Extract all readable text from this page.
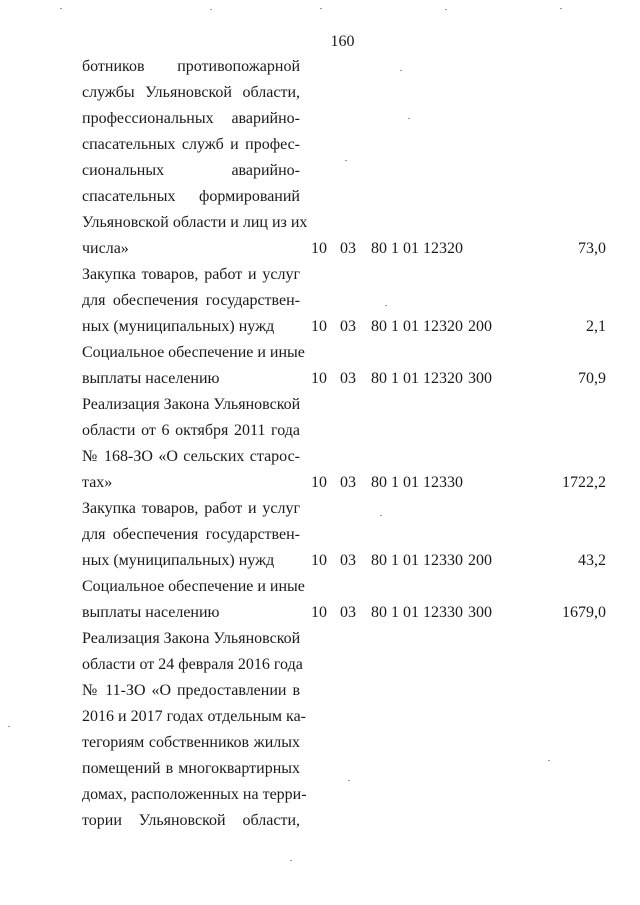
160
ботников противопожарной
службы Ульяновской области,
профессиональных аварийно-
спасательных служб и профес-
сиональных аварийно-
спасательных формирований
Ульяновской области и лиц из их
числа»	10 03 80 1 01 12320	73,0
Закупка товаров, работ и услуг
для обеспечения государствен-
ных (муниципальных) нужд	10 03 80 1 01 12320 200	2,1
Социальное обеспечение и иные
выплаты населению	10 03 80 1 01 12320 300	70,9
Реализация Закона Ульяновской
области от 6 октября 2011 года
№ 168-ЗО «О сельских старос-
тах»	10 03 80 1 01 12330	1722,2
Закупка товаров, работ и услуг
для обеспечения государствен-
ных (муниципальных) нужд	10 03 80 1 01 12330 200	43,2
Социальное обеспечение и иные
выплаты населению	10 03 80 1 01 12330 300	1679,0
Реализация Закона Ульяновской
области от 24 февраля 2016 года
№ 11-ЗО «О предоставлении в
2016 и 2017 годах отдельным ка-
тегориям собственников жилых
помещений в многоквартирных
домах, расположенных на терри-
тории Ульяновской области,
